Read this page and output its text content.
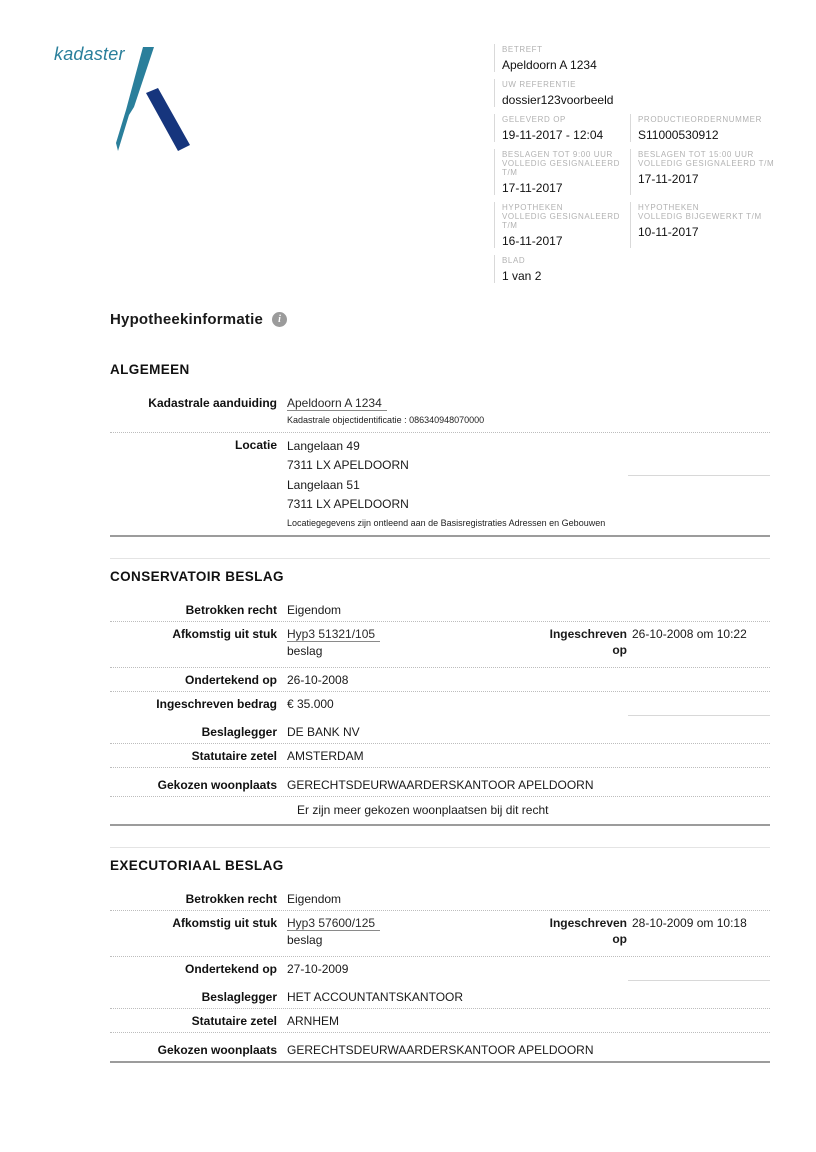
kadaster	BETREFT
Apeldoorn A 1234
UW REFERENTIE
dossier123voorbeeld
GELEVERD OP
19-11-2017 - 12:04
PRODUCTIEORDERNUMMER
S11000530912
BESLAGEN TOT 9:00 UUR
VOLLEDIG GESIGNALEERD T/M
17-11-2017
BESLAGEN TOT 15:00 UUR
VOLLEDIG GESIGNALEERD T/M
17-11-2017
HYPOTHEKEN
VOLLEDIG GESIGNALEERD T/M
16-11-2017
HYPOTHEKEN
VOLLEDIG BIJGEWERKT T/M
10-11-2017
BLAD
1 van 2
Hypotheekinformatie i
ALGEMEEN
Kadastrale aanduiding Apeldoorn A 1234
Kadastrale objectidentificatie : 086340948070000
Locatie Langelaan 49
7311 LX APELDOORN
Langelaan 51
7311 LX APELDOORN
Locatiegegevens zijn ontleend aan de Basisregistraties Adressen en Gebouwen
CONSERVATOIR BESLAG
Betrokken recht Eigendom
Afkomstig uit stuk Hyp3 51321/105
beslag
Ingeschreven op
26-10-2008 om 10:22
Ondertekend op 26-10-2008
Ingeschreven bedrag € 35.000
Beslaglegger DE BANK NV
Statutaire zetel AMSTERDAM
Gekozen woonplaats GERECHTSDEURWAARDERSKANTOOR APELDOORN
Er zijn meer gekozen woonplaatsen bij dit recht
EXECUTORIAAL BESLAG
Betrokken recht Eigendom
Afkomstig uit stuk Hyp3 57600/125
beslag
Ingeschreven op
28-10-2009 om 10:18
Ondertekend op 27-10-2009
Beslaglegger HET ACCOUNTANTSKANTOOR
Statutaire zetel ARNHEM
Gekozen woonplaats GERECHTSDEURWAARDERSKANTOOR APELDOORN
